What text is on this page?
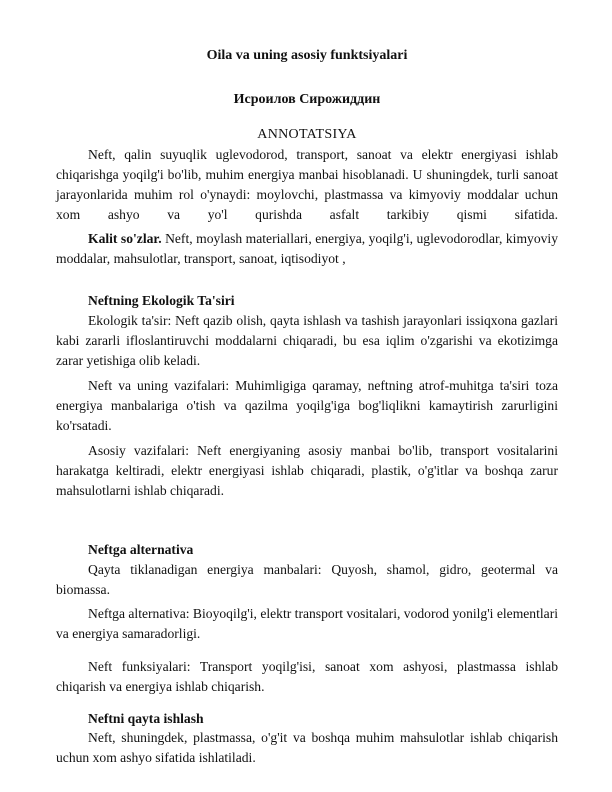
Oila va uning asosiy funktsiyalari
Исроилов Сирожиддин
ANNOTATSIYA

Neft, qalin suyuqlik uglevodorod, transport, sanoat va elektr energiyasi ishlab chiqarishga yoqilg'i bo'lib, muhim energiya manbai hisoblanadi. U shuningdek, turli sanoat jarayonlarida muhim rol o'ynaydi: moylovchi, plastmassa va kimyoviy moddalar uchun xom ashyo va yo'l qurishda asfalt tarkibiy qismi sifatida.

Kalit so'zlar. Neft, moylash materiallari, energiya, yoqilg'i, uglevodorodlar, kimyoviy moddalar, mahsulotlar, transport, sanoat, iqtisodiyot ,

Neftning Ekologik Ta'siri

Ekologik ta'sir: Neft qazib olish, qayta ishlash va tashish jarayonlari issiqxona gazlari kabi zararli ifloslantiruvchi moddalarni chiqaradi, bu esa iqlim o'zgarishi va ekotizimga zarar yetishiga olib keladi.

Neft va uning vazifalari: Muhimligiga qaramay, neftning atrof-muhitga ta'siri toza energiya manbalariga o'tish va qazilma yoqilg'iga bog'liqlikni kamaytirish zarurligini ko'rsatadi.

Asosiy vazifalari: Neft energiyaning asosiy manbai bo'lib, transport vositalarini harakatga keltiradi, elektr energiyasi ishlab chiqaradi, plastik, o'g'itlar va boshqa zarur mahsulotlarni ishlab chiqaradi.

Neftga alternativa

Qayta tiklanadigan energiya manbalari: Quyosh, shamol, gidro, geotermal va biomassa.

Neftga alternativa: Bioyoqilg'i, elektr transport vositalari, vodorod yonilg'i elementlari va energiya samaradorligi.

Neft funksiyalari: Transport yoqilg'isi, sanoat xom ashyosi, plastmassa ishlab chiqarish va energiya ishlab chiqarish.

Neftni qayta ishlash

Neft, shuningdek, plastmassa, o'g'it va boshqa muhim mahsulotlar ishlab chiqarish uchun xom ashyo sifatida ishlatiladi.
